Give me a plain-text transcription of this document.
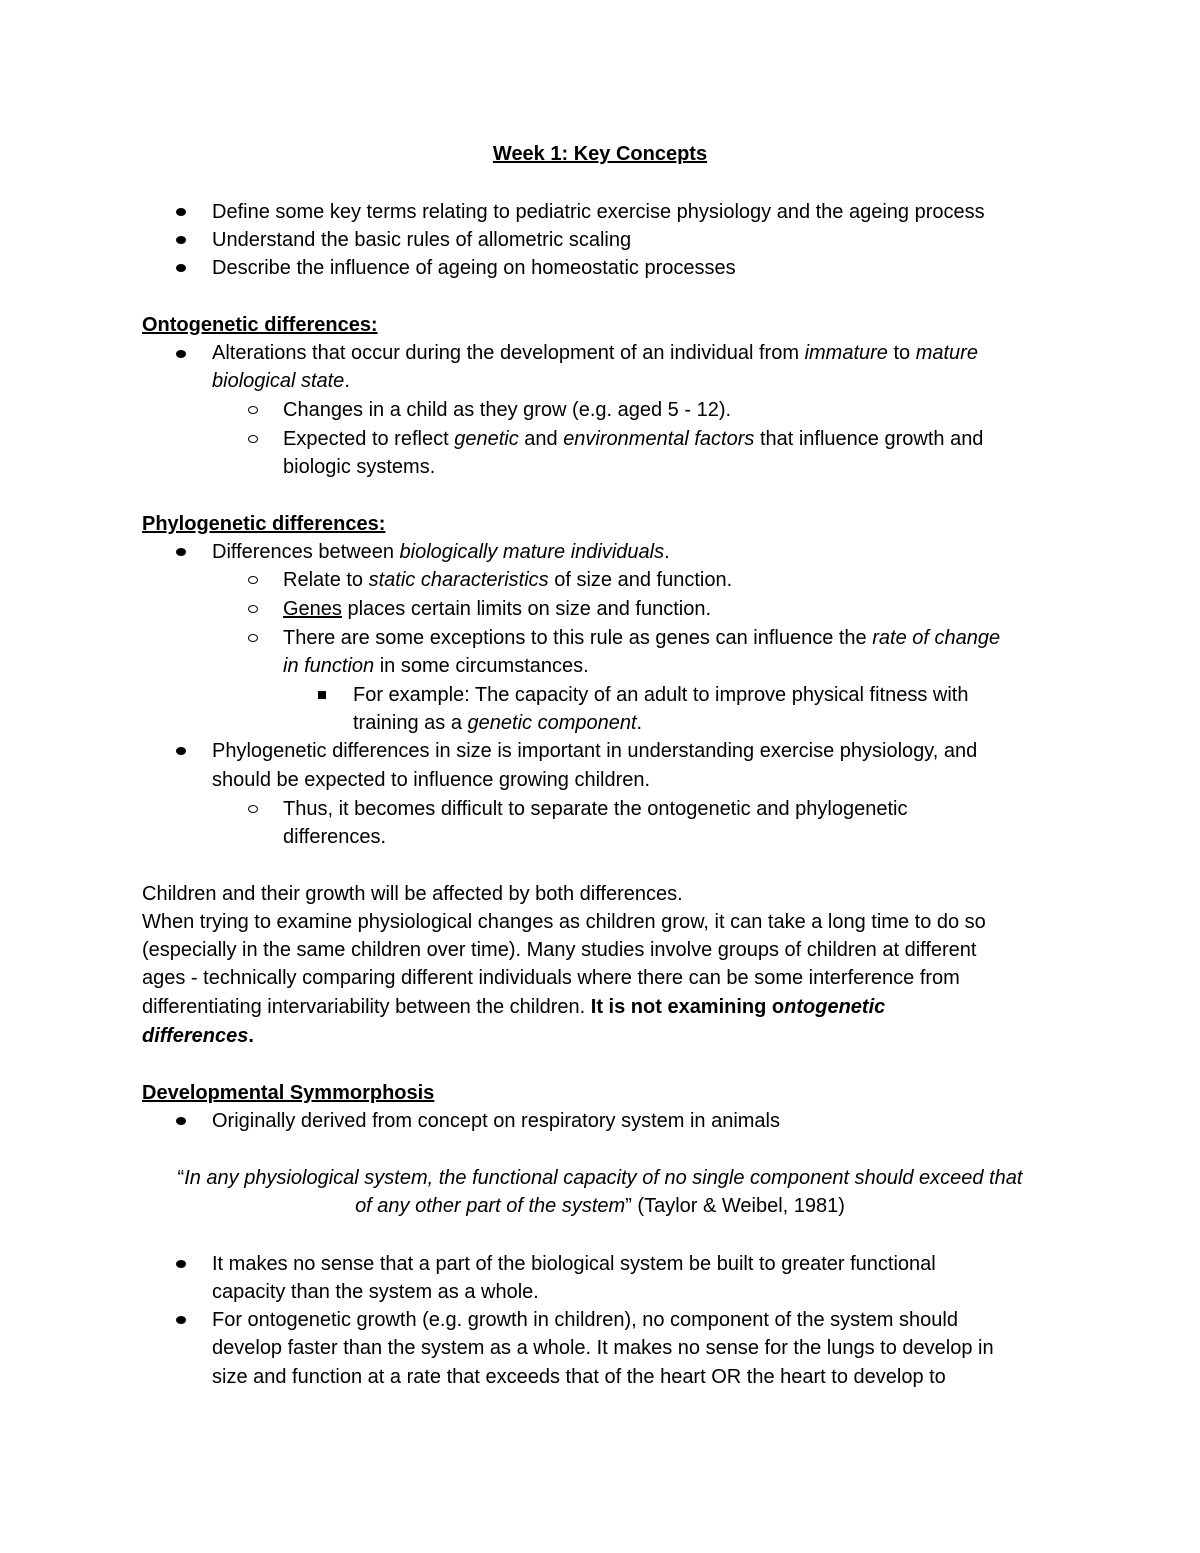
Week 1: Key Concepts
Define some key terms relating to pediatric exercise physiology and the ageing process
Understand the basic rules of allometric scaling
Describe the influence of ageing on homeostatic processes
Ontogenetic differences:
Alterations that occur during the development of an individual from immature to mature
biological state.
Changes in a child as they grow (e.g. aged 5 - 12).
Expected to reflect genetic and environmental factors that influence growth and
biologic systems.
Phylogenetic differences:
Differences between biologically mature individuals.
Relate to static characteristics of size and function.
Genes places certain limits on size and function.
There are some exceptions to this rule as genes can influence the rate of change
in function in some circumstances.
For example: The capacity of an adult to improve physical fitness with
training as a genetic component.
Phylogenetic differences in size is important in understanding exercise physiology, and
should be expected to influence growing children.
Thus, it becomes difficult to separate the ontogenetic and phylogenetic
differences.
Children and their growth will be affected by both differences.
When trying to examine physiological changes as children grow, it can take a long time to do so
(especially in the same children over time). Many studies involve groups of children at different
ages - technically comparing different individuals where there can be some interference from
differentiating intervariability between the children. It is not examining ontogenetic
differences.
Developmental Symmorphosis
Originally derived from concept on respiratory system in animals
“In any physiological system, the functional capacity of no single component should exceed that
of any other part of the system” (Taylor & Weibel, 1981)
It makes no sense that a part of the biological system be built to greater functional
capacity than the system as a whole.
For ontogenetic growth (e.g. growth in children), no component of the system should
develop faster than the system as a whole. It makes no sense for the lungs to develop in
size and function at a rate that exceeds that of the heart OR the heart to develop to
